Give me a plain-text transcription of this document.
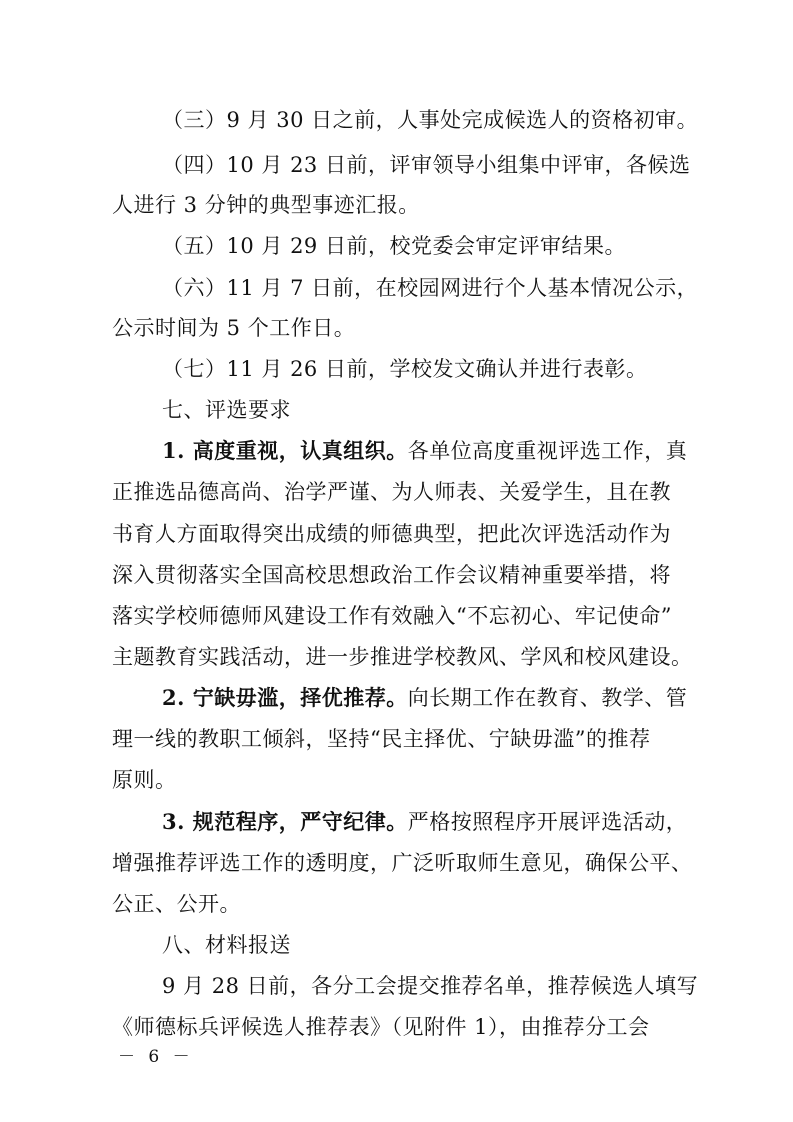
（三）9 月 30 日之前，人事处完成候选人的资格初审。
（四）10 月 23 日前，评审领导小组集中评审，各候选
人进行 3 分钟的典型事迹汇报。
（五）10 月 29 日前，校党委会审定评审结果。
（六）11 月 7 日前，在校园网进行个人基本情况公示，
公示时间为 5 个工作日。
（七）11 月 26 日前，学校发文确认并进行表彰。
七、评选要求
1. 高度重视，认真组织。各单位高度重视评选工作，真
正推选品德高尚、治学严谨、为人师表、关爱学生，且在教
书育人方面取得突出成绩的师德典型，把此次评选活动作为
深入贯彻落实全国高校思想政治工作会议精神重要举措，将
落实学校师德师风建设工作有效融入“不忘初心、牢记使命”
主题教育实践活动，进一步推进学校教风、学风和校风建设。
2. 宁缺毋滥，择优推荐。向长期工作在教育、教学、管
理一线的教职工倾斜，坚持“民主择优、宁缺毋滥”的推荐
原则。
3. 规范程序，严守纪律。严格按照程序开展评选活动，
增强推荐评选工作的透明度，广泛听取师生意见，确保公平、
公正、公开。
八、材料报送
9 月 28 日前，各分工会提交推荐名单，推荐候选人填写
《师德标兵评候选人推荐表》（见附件 1），由推荐分工会
－ 6 －
